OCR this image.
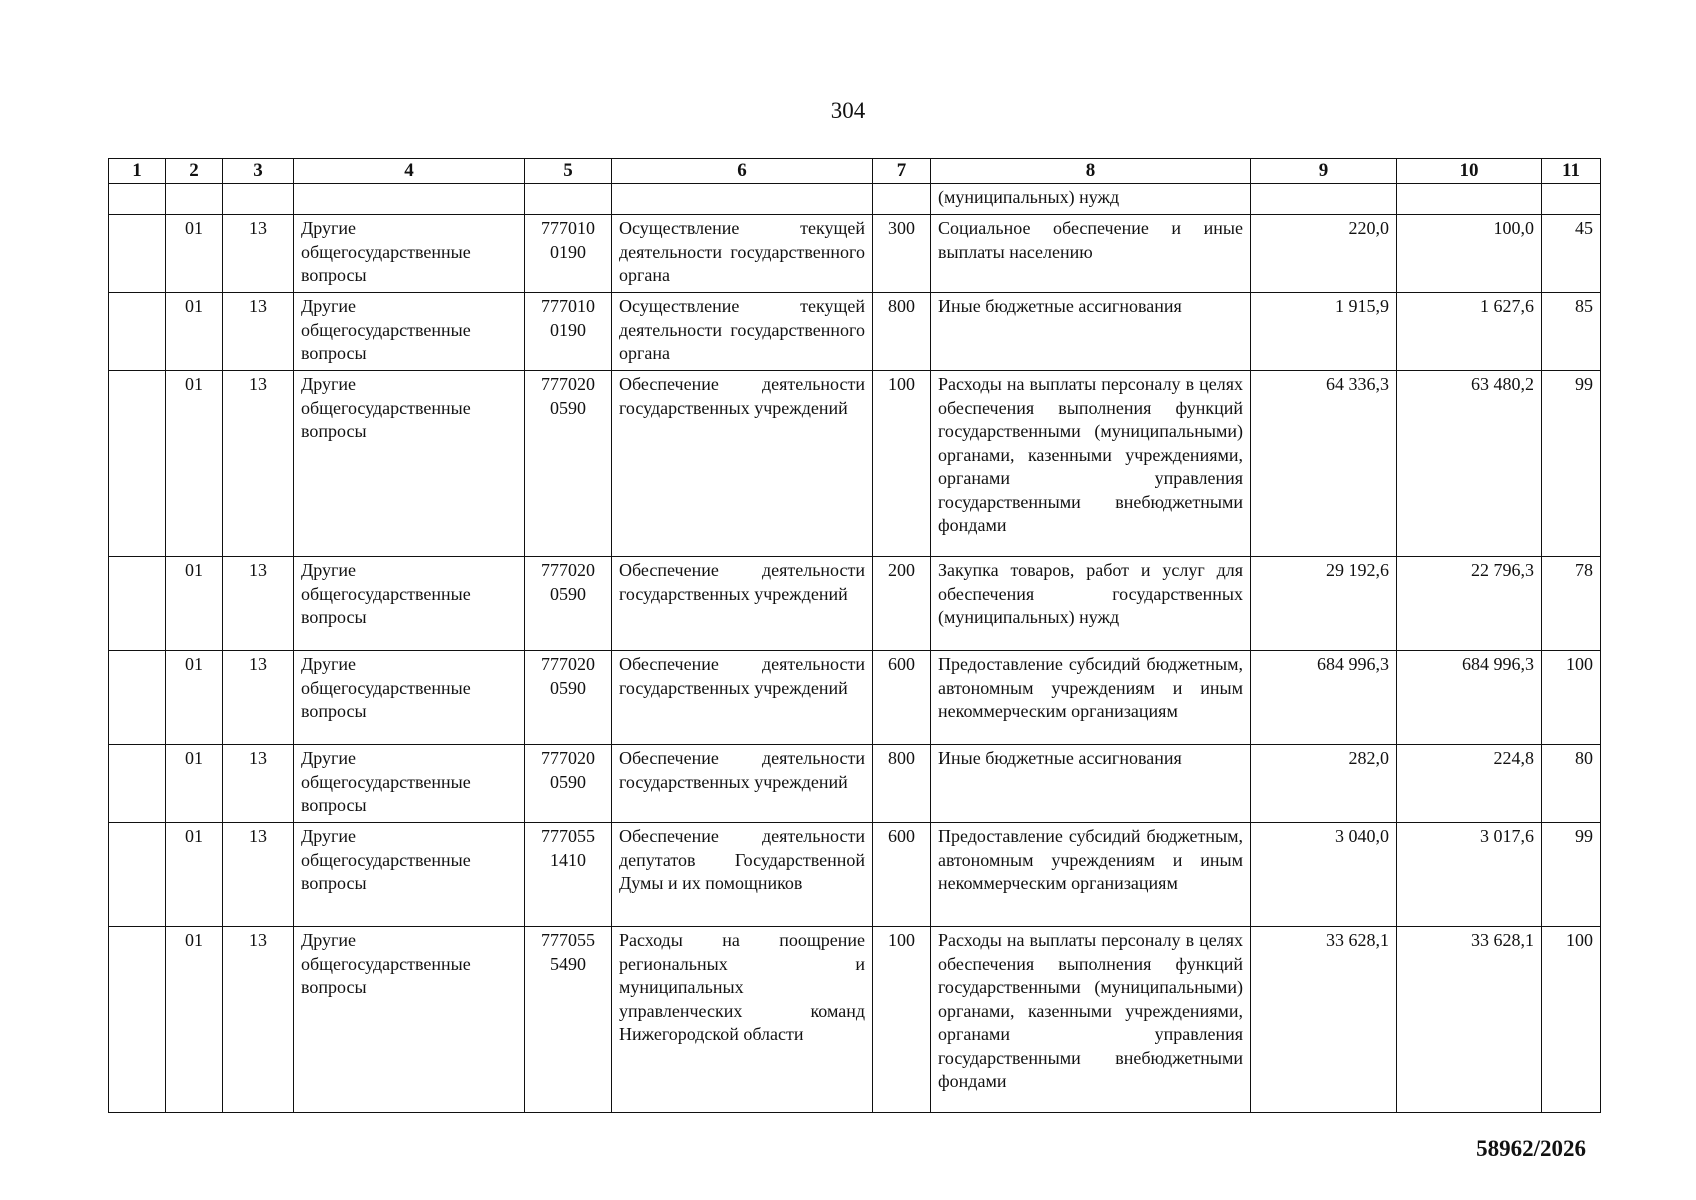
304
1	2	3	4	5	6	7	8	9	10	11
							(муниципальных) нужд			
	01	13	Другие общегосударственные вопросы	777010 0190	Осуществление текущей деятельности государственного органа	300	Социальное обеспечение и иные выплаты населению	220,0	100,0	45
	01	13	Другие общегосударственные вопросы	777010 0190	Осуществление текущей деятельности государственного органа	800	Иные бюджетные ассигнования	1 915,9	1 627,6	85
	01	13	Другие общегосударственные вопросы	777020 0590	Обеспечение деятельности государственных учреждений	100	Расходы на выплаты персоналу в целях обеспечения выполнения функций государственными (муниципальными) органами, казенными учреждениями, органами управления государственными внебюджетными фондами	64 336,3	63 480,2	99
	01	13	Другие общегосударственные вопросы	777020 0590	Обеспечение деятельности государственных учреждений	200	Закупка товаров, работ и услуг для обеспечения государственных (муниципальных) нужд	29 192,6	22 796,3	78
	01	13	Другие общегосударственные вопросы	777020 0590	Обеспечение деятельности государственных учреждений	600	Предоставление субсидий бюджетным, автономным учреждениям и иным некоммерческим организациям	684 996,3	684 996,3	100
	01	13	Другие общегосударственные вопросы	777020 0590	Обеспечение деятельности государственных учреждений	800	Иные бюджетные ассигнования	282,0	224,8	80
	01	13	Другие общегосударственные вопросы	777055 1410	Обеспечение деятельности депутатов Государственной Думы и их помощников	600	Предоставление субсидий бюджетным, автономным учреждениям и иным некоммерческим организациям	3 040,0	3 017,6	99
	01	13	Другие общегосударственные вопросы	777055 5490	Расходы на поощрение региональных и муниципальных управленческих команд Нижегородской области	100	Расходы на выплаты персоналу в целях обеспечения выполнения функций государственными (муниципальными) органами, казенными учреждениями, органами управления государственными внебюджетными фондами	33 628,1	33 628,1	100
58962/2026
